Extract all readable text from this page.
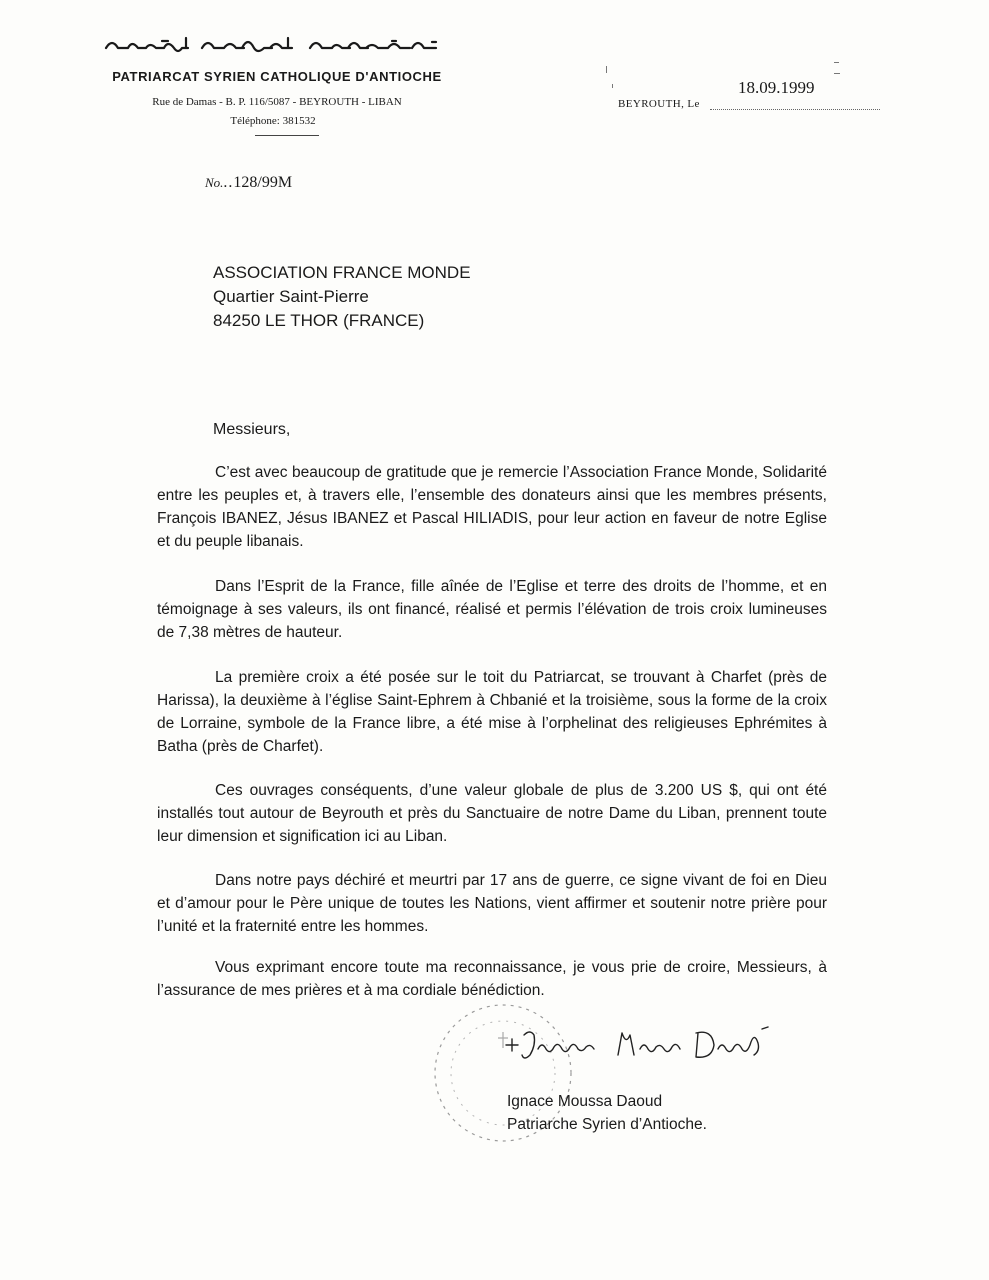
PATRIARCAT SYRIEN CATHOLIQUE D'ANTIOCHE
Rue de Damas - B. P. 116/5087 - BEYROUTH - LIBAN
Téléphone: 381532
BEYROUTH, Le
18.09.1999
No...128/99M
ASSOCIATION FRANCE MONDE
Quartier Saint-Pierre
84250 LE THOR (FRANCE)
Messieurs,

C’est avec beaucoup de gratitude que je remercie l’Association France Monde, Solidarité entre les peuples et, à travers elle, l’ensemble des donateurs ainsi que les membres présents, François IBANEZ, Jésus IBANEZ et Pascal HILIADIS, pour leur action en faveur de notre Eglise et du peuple libanais.

Dans l’Esprit de la France, fille aînée de l’Eglise et terre des droits de l’homme, et en témoignage à ses valeurs, ils ont financé, réalisé et permis l’élévation de trois croix lumineuses de 7,38 mètres de hauteur.

La première croix a été posée sur le toit du Patriarcat, se trouvant à Charfet (près de Harissa), la deuxième à l’église Saint-Ephrem à Chbanié et la troisième, sous la forme de la croix de Lorraine, symbole de la France libre, a été mise à l’orphelinat des religieuses Ephrémites à Batha (près de Charfet).

Ces ouvrages conséquents, d’une valeur globale de plus de 3.200 US $, qui ont été installés tout autour de Beyrouth et près du Sanctuaire de notre Dame du Liban, prennent toute leur dimension et signification ici au Liban.

Dans notre pays déchiré et meurtri par 17 ans de guerre, ce signe vivant de foi en Dieu et d’amour pour le Père unique de toutes les Nations, vient affirmer et soutenir notre prière pour l’unité et la fraternité entre les hommes.

Vous exprimant encore toute ma reconnaissance, je vous prie de croire, Messieurs, à l’assurance de mes prières et à ma cordiale bénédiction.

Ignace Moussa Daoud
Patriarche Syrien d’Antioche.
